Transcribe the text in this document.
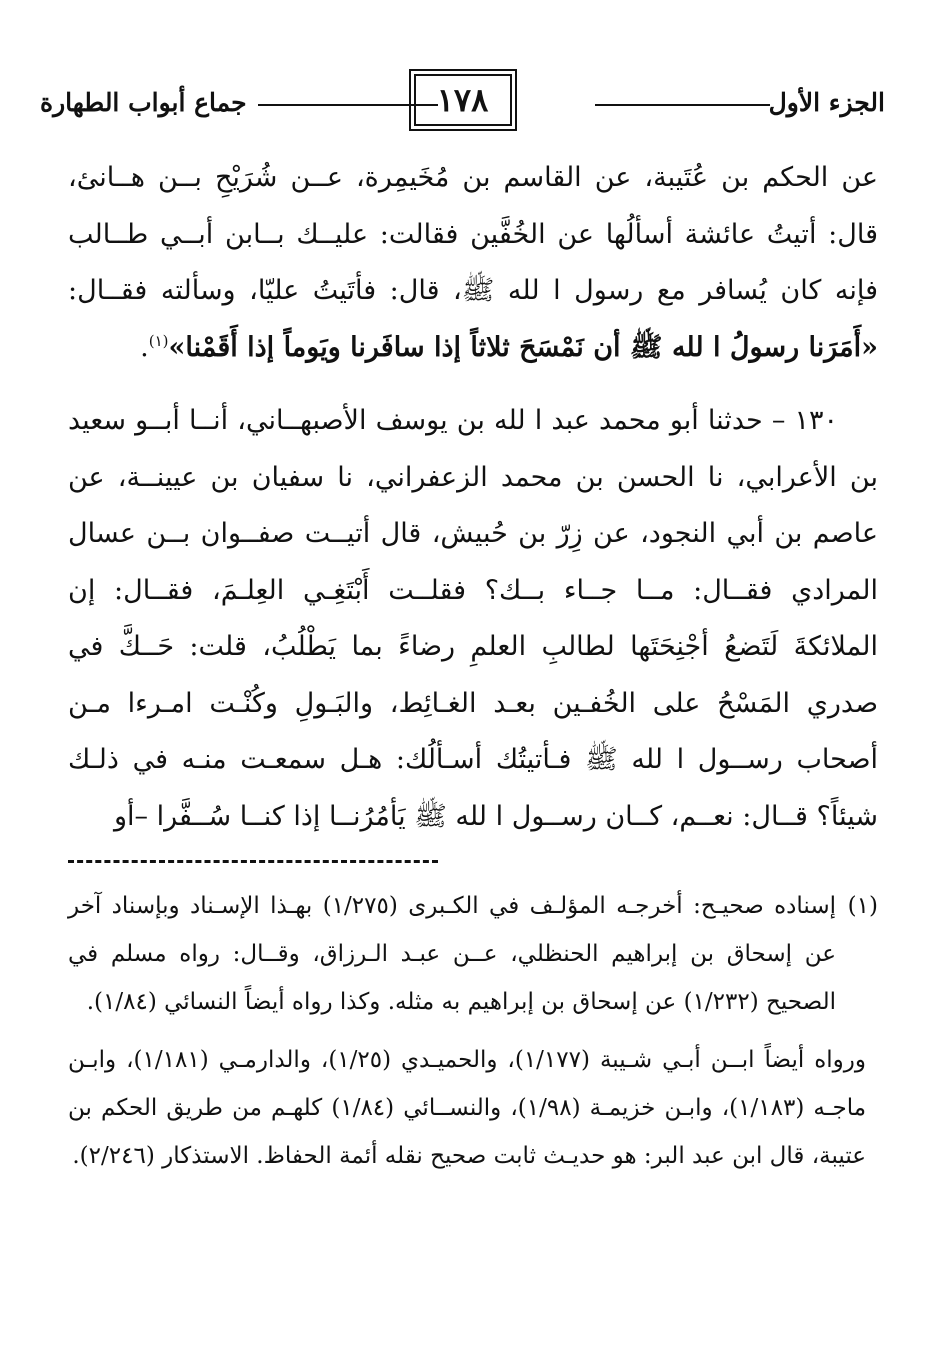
الجزء الأول
١٧٨
جماع أبواب الطهارة

عن الحكم بن عُتَيبة، عن القاسم بن مُخَيمِرة، عــن شُرَيْحِ بــن هــانئ، قال: أتيتُ عائشة أسألُها عن الخُفَّين فقالت: عليــك بــابن أبــي طــالب فإنه كان يُسافر مع رسول ا لله ﷺ، قال: فأتَيتُ عليّا، وسألته فقــال: «أَمَرَنا رسولُ ا لله ﷺ أن نَمْسَحَ ثلاثاً إذا سافَرنا ويَوماً إذا أَقَمْنا»$^{(١)}$.

١٣٠ – حدثنا أبو محمد عبد ا لله بن يوسف الأصبهــاني، أنــا أبــو سعيد بن الأعرابي، نا الحسن بن محمد الزعفراني، نا سفيان بن عيينــة، عن عاصم بن أبي النجود، عن زِرّ بن حُبيش، قال أتيــت صفــوان بــن عسال المرادي فقــال: مــا جــاء بــك؟ فقلــت أَبْتَغِـي العِلـمَ، فقــال: إن الملائكةَ لَتَضعُ أجْنِحَتَها لطالبِ العلمِ رضاءً بما يَطْلُبُ، قلت: حَــكَّ في صدري المَسْحُ على الخُفـين بعـد الغـائِط، والبَـولِ وكُنْـت امـرءا مـن أصحاب رســول ا لله ﷺ فـأتيتُك أسـألُك: هـل سمعـت منـه في ذلـك شيئاً؟ قــال: نعــم، كــان رســول ا لله ﷺ يَأمُرُنــا إذا كنــا سُــفَّرا –أو

(١)
إسناده صحيـح: أخرجـه المؤلـف في الكـبرى (١/٢٧٥) بهـذا الإسـناد وبإسناد آخر عن إسحاق بن إبراهيم الحنظلي، عــن عبـد الـرزاق، وقــال: رواه مسلم في الصحيح (١/٢٣٢) عن إسحاق بن إبراهيم به مثله. وكذا رواه أيضاً النسائي (١/٨٤).

ورواه أيضاً ابــن أبـي شـيبة (١/١٧٧)، والحميـدي (١/٢٥)، والدارمـي (١/١٨١)، وابـن ماجـه (١/١٨٣)، وابـن خزيمـة (١/٩٨)، والنســائي (١/٨٤) كلهـم من طريق الحكم بن عتيبة، قال ابن عبد البر: هو حديـث ثابت صحيح نقله أئمة الحفاظ. الاستذكار (٢/٢٤٦).
